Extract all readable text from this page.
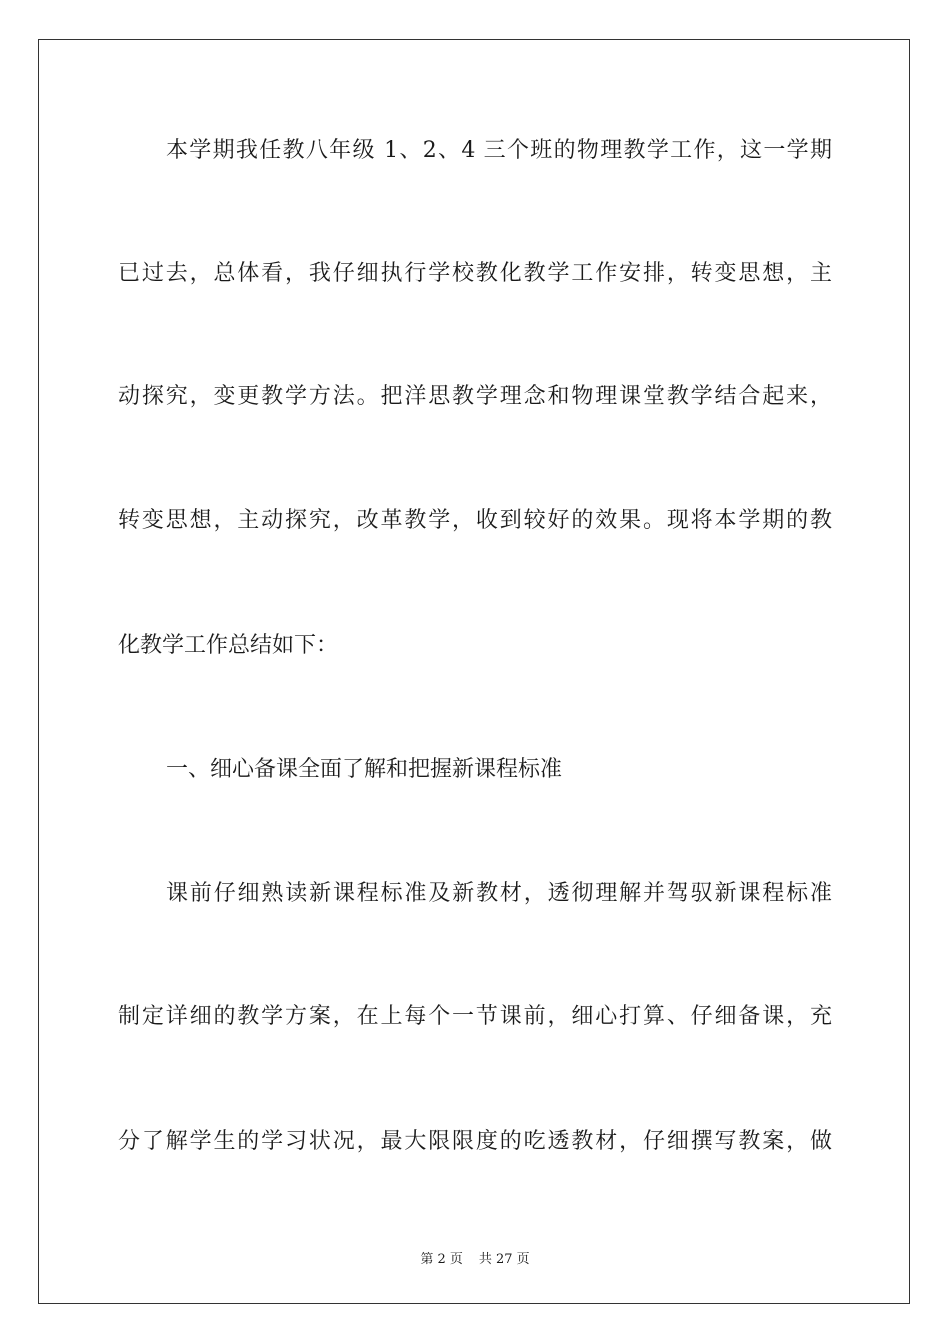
本学期我任教八年级 1、2、4 三个班的物理教学工作，这一学期
已过去，总体看，我仔细执行学校教化教学工作安排，转变思想，主
动探究，变更教学方法。把洋思教学理念和物理课堂教学结合起来，
转变思想，主动探究，改革教学，收到较好的效果。现将本学期的教
化教学工作总结如下：
一、细心备课全面了解和把握新课程标准
课前仔细熟读新课程标准及新教材，透彻理解并驾驭新课程标准
制定详细的教学方案，在上每个一节课前，细心打算、仔细备课，充
分了解学生的学习状况，最大限限度的吃透教材，仔细撰写教案，做
第 2 页 共 27 页
